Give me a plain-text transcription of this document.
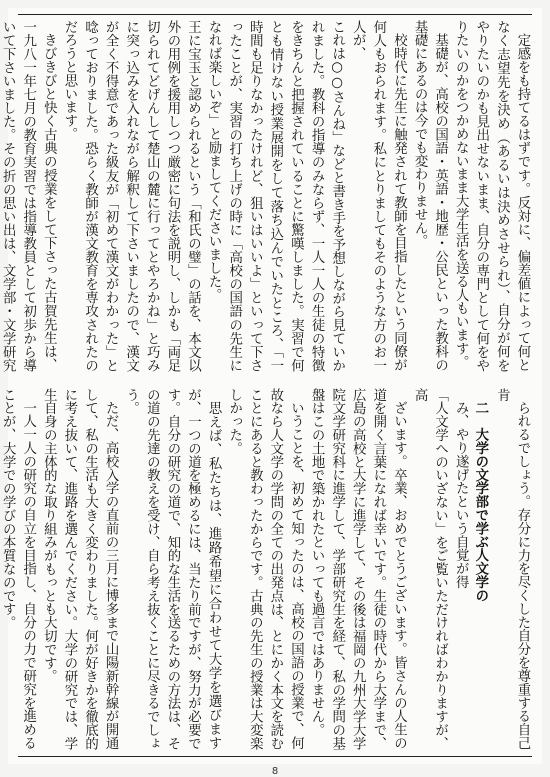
定感をも持てるはずです。反対に、偏差値によって何となく志望先を決め（あるいは決めさせられ）、自分が何をやりたいのかも見出せないまま、自分の専門として何をやりたいのかをつかめないまま大学生活を送る人もいます。

基礎が、高校の国語・英語・地歴・公民といった教科の基礎にあるのは今でも変わりません。

校時代に先生に触発されて教師を目指したという同僚が何人もおられます。私にとりましてもそのような方のお一人が、

これは○○さんね」などと書き手を予想しながら見ていかれました。教科の指導のみならず、一人一人の生徒の特徴をきちんと把握されていることに驚嘆しました。実習で何とも情けない授業展開をして落ち込んでいたところ、「一時間も足りなかったけれど、狙いはいいよ」といって下さったことが、実習の打ち上げの時に「高校の国語の先生になれば楽しいぞ」と励ましてくださいました。

王に宝玉と認められるという「和氏の璧」の話を、本文以外の用例を援用しつつ厳密に句法を説明し、しかも「両足切られてどげんして楚山の麓に行ってとやろかね」と巧みに突っ込みを入れながら解釈して下さいましたので、漢文が全く不得意であった級友が「初めて漢文がわかった」と唸っておりました。恐らく教師が漢文教育を専攻されたのだろうと思います。

きびきびと快く古典の授業をして下さった古賀先生は、一九八一年七月の教育実習では指導教員として初歩から導いて下さいました。その折の思い出は、文学部・文学研究　

られるでしょう。存分に力を尽くした自分を尊重する自己肯

二　大学の文学部で学ぶ人文学の

み、やり遂げたという自覚が得

「人文学へのいざない」をご覧いただければわかりますが、高

ざいます。卒業、おめでとうございます。皆さんの人生の道を開く言葉になれば幸いです。生徒の時代から大学まで、広島の高校と大学に進学して、その後は福岡の九州大学大学院文学研究科に進学して、学部研究生を経て、私の学問の基盤はこの土地で築かれたといっても過言ではありません。

いうことを、初めて知ったのは、高校の国語の授業で、何故なら人文学の学問の全ての出発点は、とにかく本文を読むことにあると教わったからです。古典の先生の授業は大変楽しかった。

思えば、私たちは、進路希望に合わせて大学を選びますが、一つの道を極めるには、当たり前ですが、努力が必要です。自分の研究の道で、知的な生活を送るための方法は、その道の先達の教えを受け、自ら考え抜くことに尽きるでしょう。

ただ、高校入学の直前の三月に博多まで山陽新幹線が開通して、私の生活も大きく変わりました。何が好きかを徹底的に考え抜いて、進路を選んでください。大学の研究では、学生自身の主体的な取り組みがもっとも大切です。

一人一人の研究の自立を目指し、自分の力で研究を進めることが、大学での学びの本質なのです。

8
